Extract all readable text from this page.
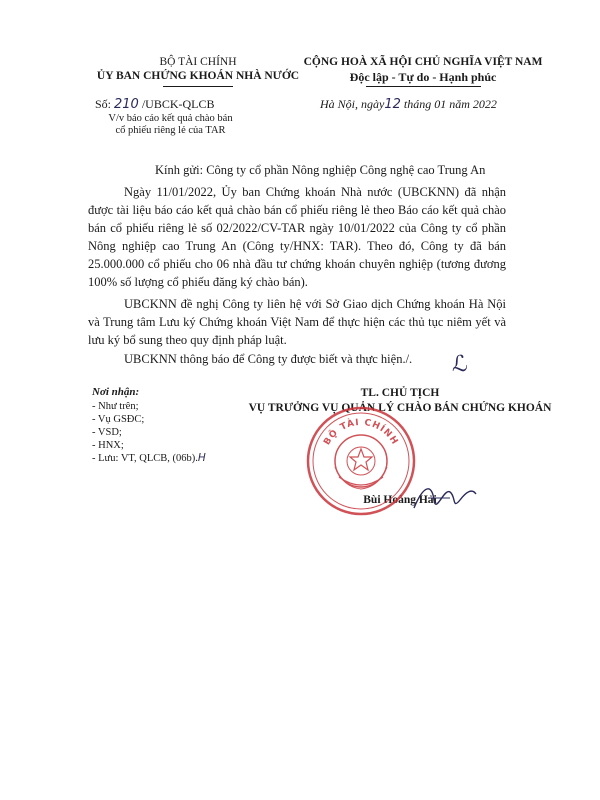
BỘ TÀI CHÍNH
ỦY BAN CHỨNG KHOÁN NHÀ NƯỚC
CỘNG HOÀ XÃ HỘI CHỦ NGHĨA VIỆT NAM
Độc lập - Tự do - Hạnh phúc
Số: 210 /UBCK-QLCB
V/v báo cáo kết quả chào bán
cổ phiếu riêng lẻ của TAR
Hà Nội, ngày12 tháng 01 năm 2022
Kính gửi: Công ty cổ phần Nông nghiệp Công nghệ cao Trung An
Ngày 11/01/2022, Ủy ban Chứng khoán Nhà nước (UBCKNN) đã nhận được tài liệu báo cáo kết quả chào bán cổ phiếu riêng lẻ theo Báo cáo kết quả chào bán cổ phiếu riêng lẻ số 02/2022/CV-TAR ngày 10/01/2022 của Công ty cổ phần Nông nghiệp cao Trung An (Công ty/HNX: TAR). Theo đó, Công ty đã bán 25.000.000 cổ phiếu cho 06 nhà đầu tư chứng khoán chuyên nghiệp (tương đương 100% số lượng cổ phiếu đăng ký chào bán).
UBCKNN đề nghị Công ty liên hệ với Sở Giao dịch Chứng khoán Hà Nội và Trung tâm Lưu ký Chứng khoán Việt Nam để thực hiện các thủ tục niêm yết và lưu ký bổ sung theo quy định pháp luật.
UBCKNN thông báo để Công ty được biết và thực hiện./.	ℒ
Nơi nhận:
- Như trên;
- Vụ GSĐC;
- VSD;
- HNX;
- Lưu: VT, QLCB, (06b).H
TL. CHỦ TỊCH
VỤ TRƯỞNG VỤ QUẢN LÝ CHÀO BÁN CHỨNG KHOÁN
Bùi Hoàng Hải
BỘ TÀI CHÍNH
